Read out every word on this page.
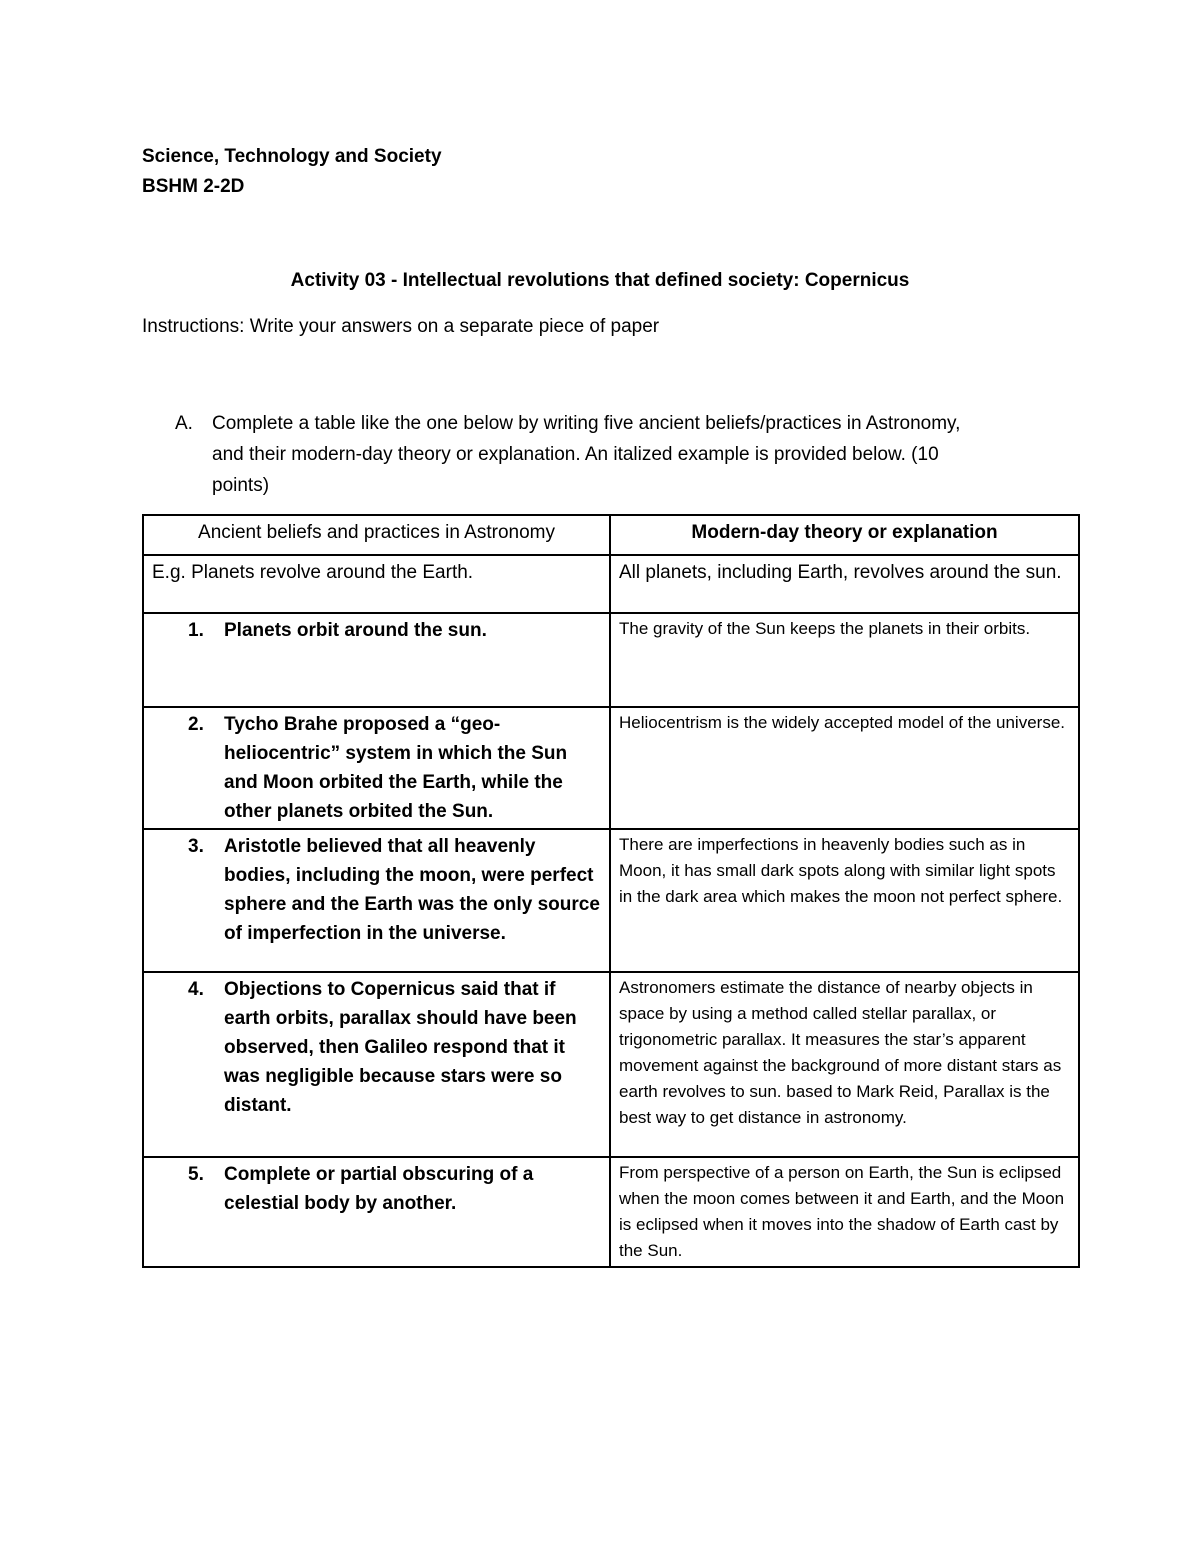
Science, Technology and Society
BSHM 2-2D
Activity 03 - Intellectual revolutions that defined society: Copernicus
Instructions: Write your answers on a separate piece of paper
A. Complete a table like the one below by writing five ancient beliefs/practices in Astronomy, and their modern-day theory or explanation. An italized example is provided below. (10 points)
Ancient beliefs and practices in Astronomy	Modern-day theory or explanation
E.g. Planets revolve around the Earth.	All planets, including Earth, revolves around the sun.

1. Planets orbit around the sun.	The gravity of the Sun keeps the planets in their orbits.

2. Tycho Brahe proposed a “geo-heliocentric” system in which the Sun and Moon orbited the Earth, while the other planets orbited the Sun.	Heliocentrism is the widely accepted model of the universe.

3. Aristotle believed that all heavenly bodies, including the moon, were perfect sphere and the Earth was the only source of imperfection in the universe.	There are imperfections in heavenly bodies such as in Moon, it has small dark spots along with similar light spots in the dark area which makes the moon not perfect sphere.

4. Objections to Copernicus said that if earth orbits, parallax should have been observed, then Galileo respond that it was negligible because stars were so distant.	Astronomers estimate the distance of nearby objects in space by using a method called stellar parallax, or trigonometric parallax. It measures the star’s apparent movement against the background of more distant stars as earth revolves to sun. based to Mark Reid, Parallax is the best way to get distance in astronomy.

5. Complete or partial obscuring of a celestial body by another.	From perspective of a person on Earth, the Sun is eclipsed when the moon comes between it and Earth, and the Moon is eclipsed when it moves into the shadow of Earth cast by the Sun.
